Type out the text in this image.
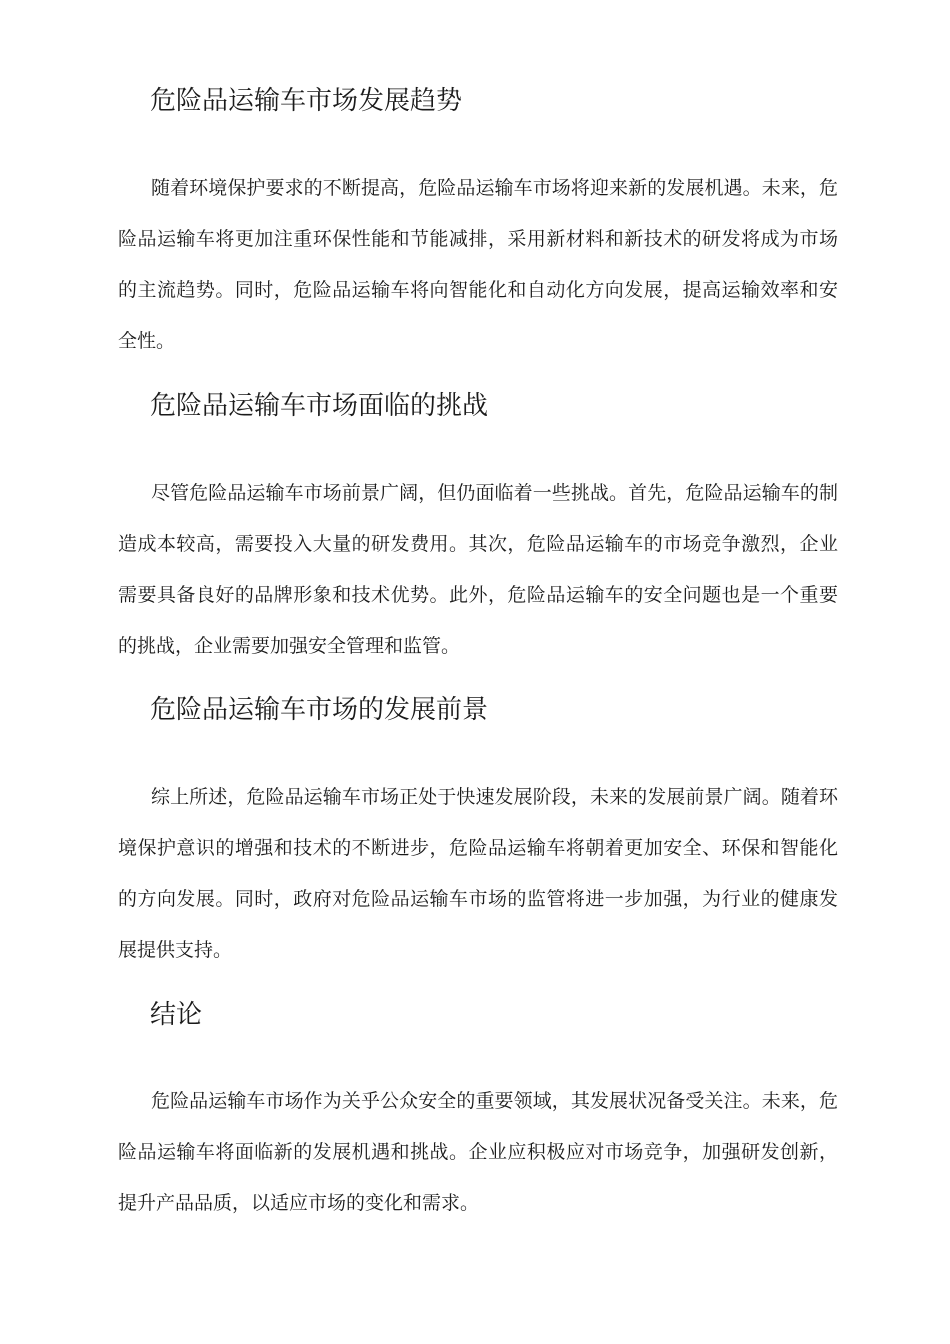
危险品运输车市场发展趋势

随着环境保护要求的不断提高，危险品运输车市场将迎来新的发展机遇。未来，危险品运输车将更加注重环保性能和节能减排，采用新材料和新技术的研发将成为市场的主流趋势。同时，危险品运输车将向智能化和自动化方向发展，提高运输效率和安全性。

危险品运输车市场面临的挑战

尽管危险品运输车市场前景广阔，但仍面临着一些挑战。首先，危险品运输车的制造成本较高，需要投入大量的研发费用。其次，危险品运输车的市场竞争激烈，企业需要具备良好的品牌形象和技术优势。此外，危险品运输车的安全问题也是一个重要的挑战，企业需要加强安全管理和监管。

危险品运输车市场的发展前景

综上所述，危险品运输车市场正处于快速发展阶段，未来的发展前景广阔。随着环境保护意识的增强和技术的不断进步，危险品运输车将朝着更加安全、环保和智能化的方向发展。同时，政府对危险品运输车市场的监管将进一步加强，为行业的健康发展提供支持。

结论

危险品运输车市场作为关乎公众安全的重要领域，其发展状况备受关注。未来，危险品运输车将面临新的发展机遇和挑战。企业应积极应对市场竞争，加强研发创新，提升产品品质，以适应市场的变化和需求。
